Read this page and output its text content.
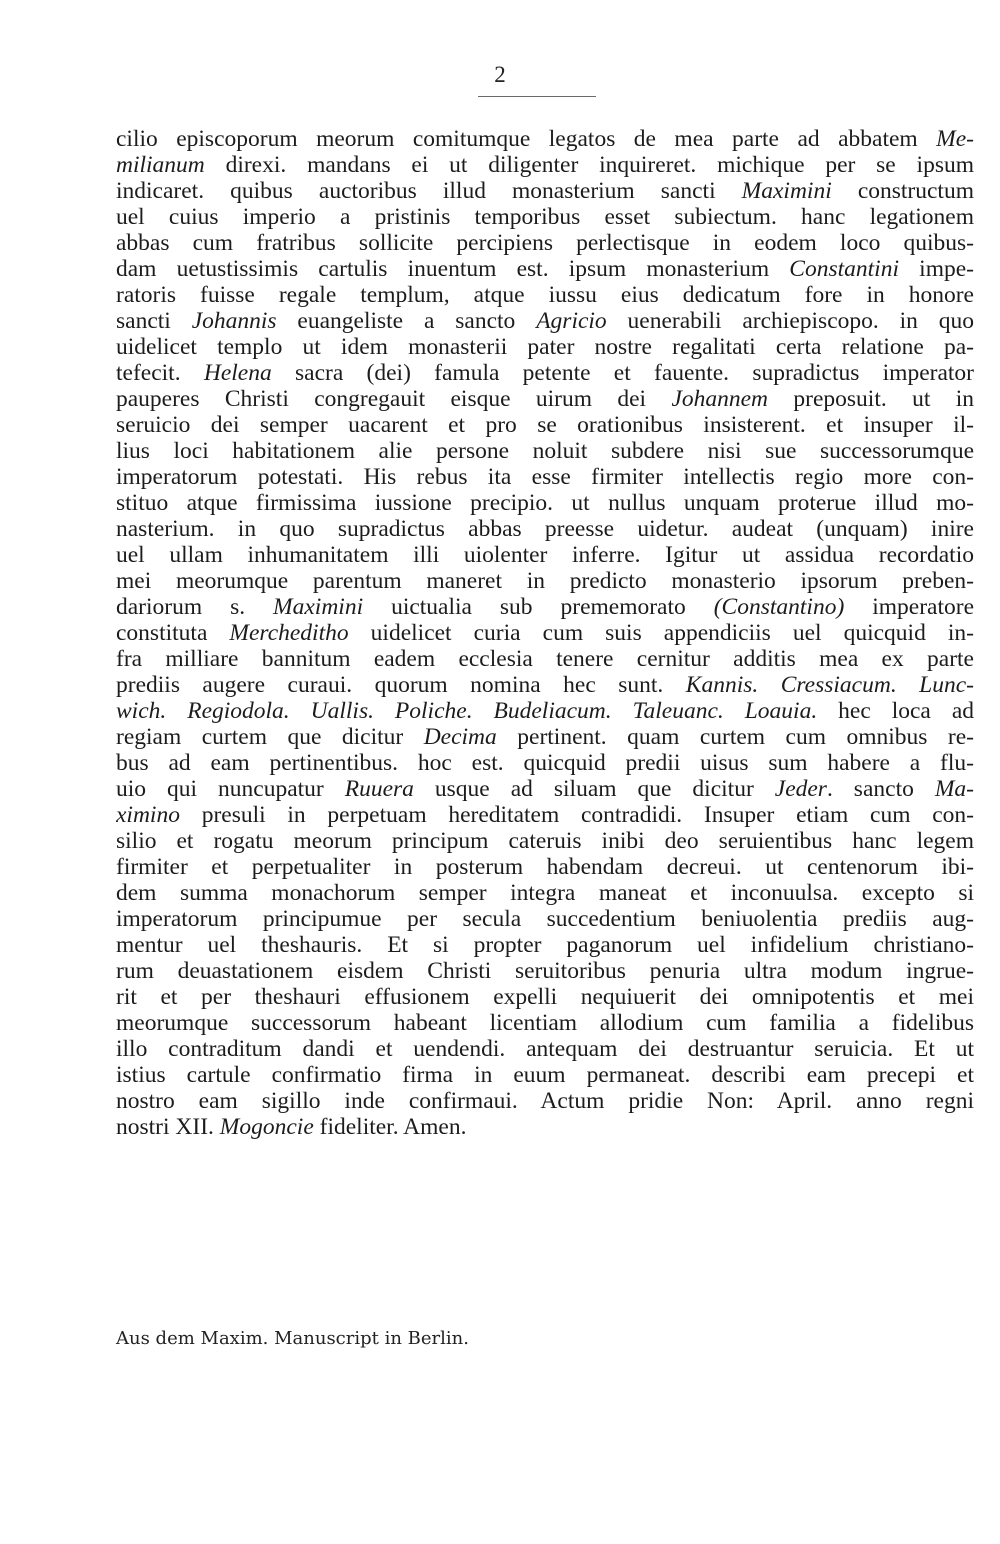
2
cilio episcoporum meorum comitumque legatos de mea parte ad abbatem Me-
milianum direxi. mandans ei ut diligenter inquireret. michique per se ipsum
indicaret. quibus auctoribus illud monasterium sancti Maximini constructum
uel cuius imperio a pristinis temporibus esset subiectum. hanc legationem
abbas cum fratribus sollicite percipiens perlectisque in eodem loco quibus-
dam uetustissimis cartulis inuentum est. ipsum monasterium Constantini impe-
ratoris fuisse regale templum, atque iussu eius dedicatum fore in honore
sancti Johannis euangeliste a sancto Agricio uenerabili archiepiscopo. in quo
uidelicet templo ut idem monasterii pater nostre regalitati certa relatione pa-
tefecit. Helena sacra (dei) famula petente et fauente. supradictus imperator
pauperes Christi congregauit eisque uirum dei Johannem preposuit. ut in
seruicio dei semper uacarent et pro se orationibus insisterent. et insuper il-
lius loci habitationem alie persone noluit subdere nisi sue successorumque
imperatorum potestati. His rebus ita esse firmiter intellectis regio more con-
stituo atque firmissima iussione precipio. ut nullus unquam proterue illud mo-
nasterium. in quo supradictus abbas preesse uidetur. audeat (unquam) inire
uel ullam inhumanitatem illi uiolenter inferre. Igitur ut assidua recordatio
mei meorumque parentum maneret in predicto monasterio ipsorum preben-
dariorum s. Maximini uictualia sub prememorato (Constantino) imperatore
constituta Mercheditho uidelicet curia cum suis appendiciis uel quicquid in-
fra milliare bannitum eadem ecclesia tenere cernitur additis mea ex parte
prediis augere curaui. quorum nomina hec sunt. Kannis. Cressiacum. Lunc-
wich. Regiodola. Uallis. Poliche. Budeliacum. Taleuanc. Loauia. hec loca ad
regiam curtem que dicitur Decima pertinent. quam curtem cum omnibus re-
bus ad eam pertinentibus. hoc est. quicquid predii uisus sum habere a flu-
uio qui nuncupatur Ruuera usque ad siluam que dicitur Jeder. sancto Ma-
ximino presuli in perpetuam hereditatem contradidi. Insuper etiam cum con-
silio et rogatu meorum principum cateruis inibi deo seruientibus hanc legem
firmiter et perpetualiter in posterum habendam decreui. ut centenorum ibi-
dem summa monachorum semper integra maneat et inconuulsa. excepto si
imperatorum principumue per secula succedentium beniuolentia prediis aug-
mentur uel theshauris. Et si propter paganorum uel infidelium christiano-
rum deuastationem eisdem Christi seruitoribus penuria ultra modum ingrue-
rit et per theshauri effusionem expelli nequiuerit dei omnipotentis et mei
meorumque successorum habeant licentiam allodium cum familia a fidelibus
illo contraditum dandi et uendendi. antequam dei destruantur seruicia. Et ut
istius cartule confirmatio firma in euum permaneat. describi eam precepi et
nostro eam sigillo inde confirmaui. Actum pridie Non: April. anno regni
nostri XII. Mogoncie fideliter. Amen.
Aus dem Maxim. Manuscript in Berlin.
